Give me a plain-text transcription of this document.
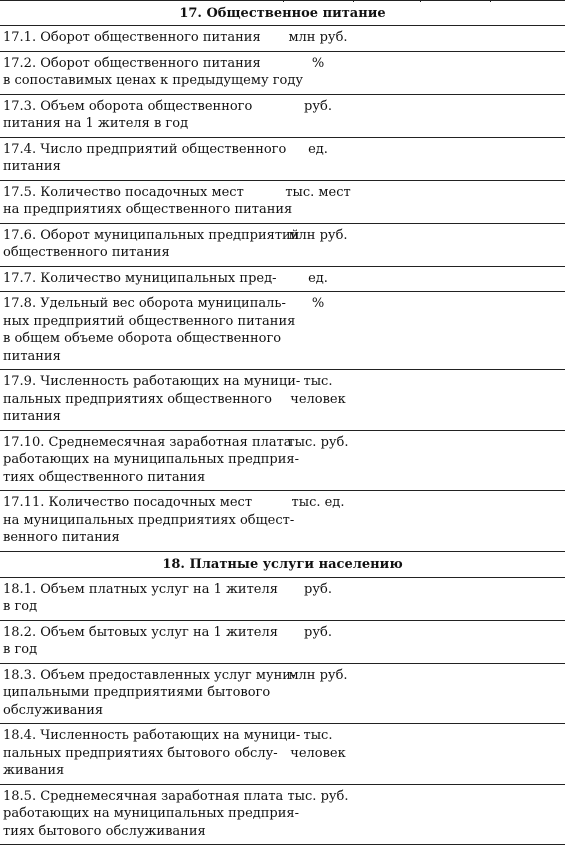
17. Общественное питание
17.1. Оборот общественного питания	млн руб.
17.2. Оборот общественного питания
в сопоставимых ценах к предыдущему году
%
17.3. Объем оборота общественного
питания на 1 жителя в год
руб.
17.4. Число предприятий общественного
питания
ед.
17.5. Количество посадочных мест
на предприятиях общественного питания
тыс. мест
17.6. Оборот муниципальных предприятий
общественного питания
млн руб.
17.7. Количество муниципальных пред-	ед.
17.8. Удельный вес оборота муниципаль-
ных предприятий общественного питания
в общем объеме оборота общественного
питания
%
17.9. Численность работающих на муници-
пальных предприятиях общественного
питания
тыс.
человек
17.10. Среднемесячная заработная плата
работающих на муниципальных предприя-
тиях общественного питания
тыс. руб.
17.11. Количество посадочных мест
на муниципальных предприятиях общест-
венного питания
тыс. ед.
18. Платные услуги населению
18.1. Объем платных услуг на 1 жителя
в год
руб.
18.2. Объем бытовых услуг на 1 жителя
в год
руб.
18.3. Объем предоставленных услуг муни-
ципальными предприятиями бытового
обслуживания
млн руб.
18.4. Численность работающих на муници-
пальных предприятиях бытового обслу-
живания
тыс.
человек
18.5. Среднемесячная заработная плата
работающих на муниципальных предприя-
тиях бытового обслуживания
тыс. руб.
